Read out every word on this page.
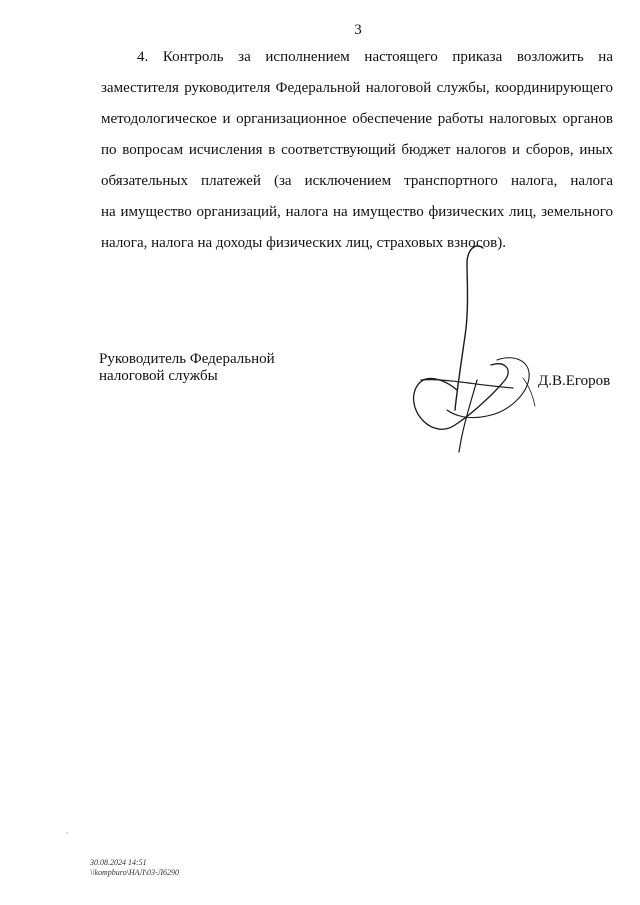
3

4. Контроль за исполнением настоящего приказа возложить на
заместителя руководителя Федеральной налоговой службы, координирующего
методологическое и организационное обеспечение работы налоговых органов
по вопросам исчисления в соответствующий бюджет налогов и сборов, иных
обязательных платежей (за исключением транспортного налога, налога
на имущество организаций, налога на имущество физических лиц, земельного
налога, налога на доходы физических лиц, страховых взносов).

Руководитель Федеральной
налоговой службы	Д.В.Егоров
30.08.2024 14:51
\\kompburo\НАЛ\03-Л6290
